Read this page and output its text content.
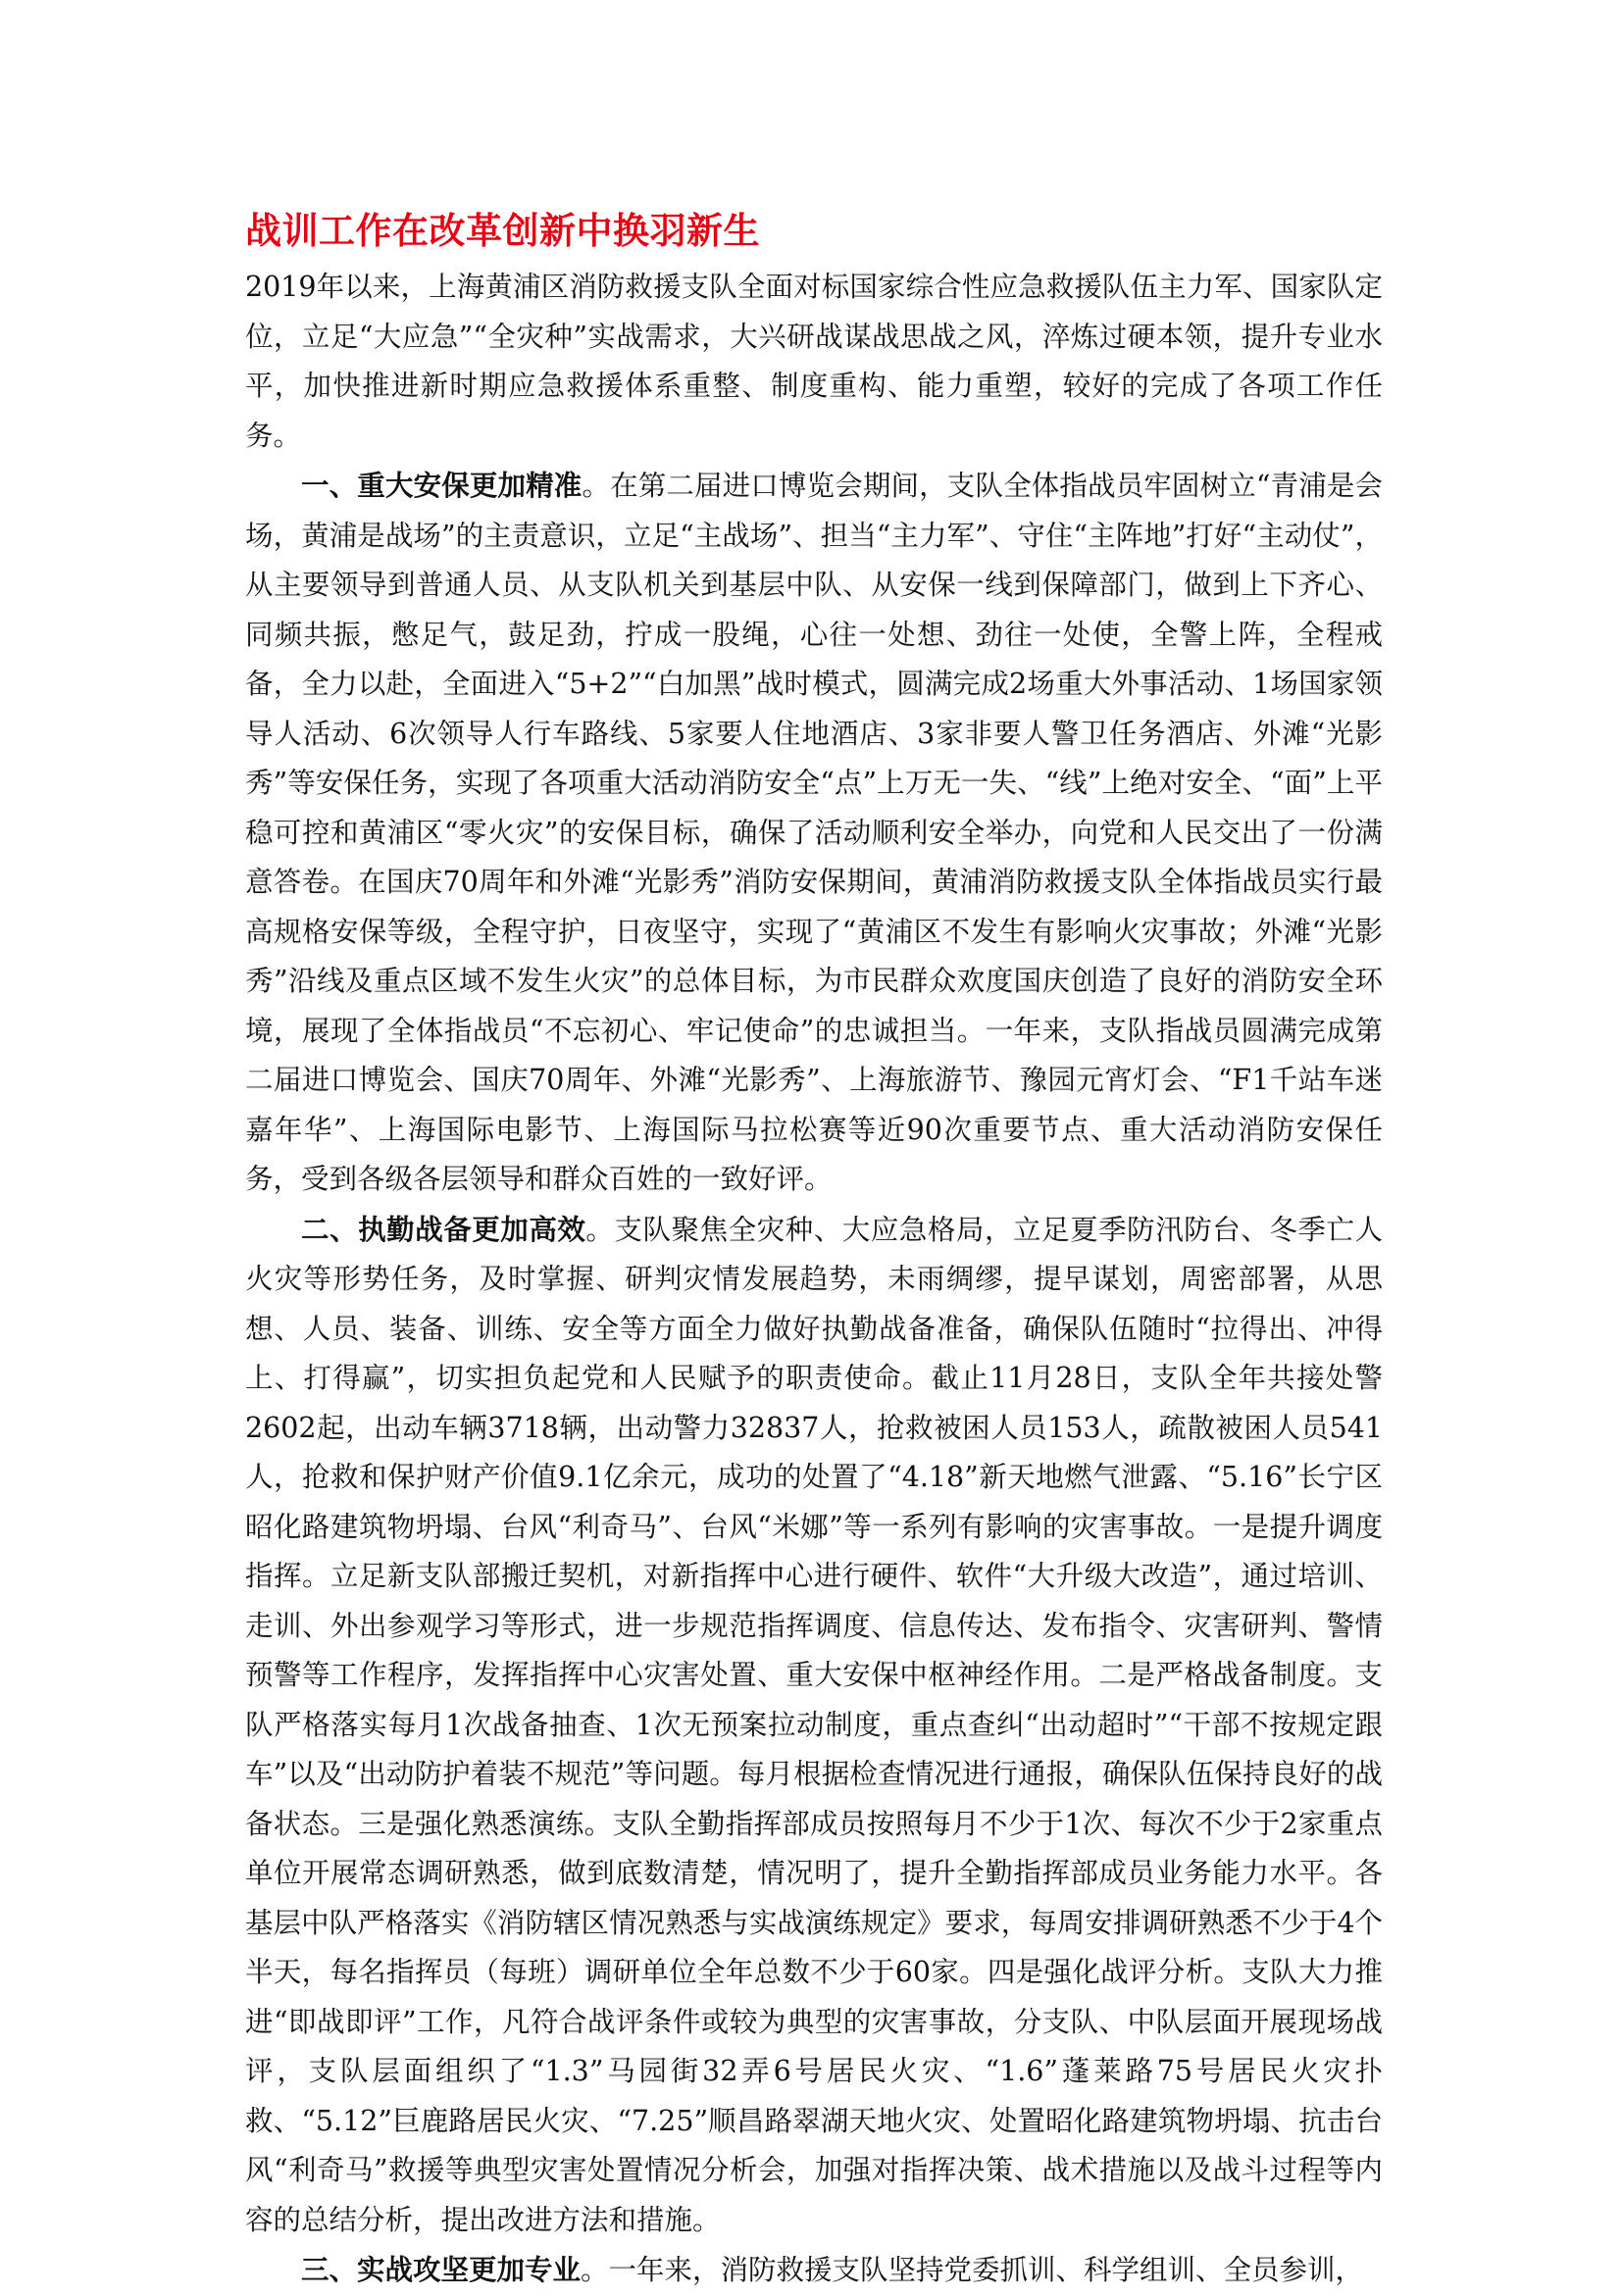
战训工作在改革创新中换羽新生

2019年以来，上海黄浦区消防救援支队全面对标国家综合性应急救援队伍主力军、国家队定位，立足“大应急”“全灾种”实战需求，大兴研战谋战思战之风，淬炼过硬本领，提升专业水平，加快推进新时期应急救援体系重整、制度重构、能力重塑，较好的完成了各项工作任务。

一、重大安保更加精准。在第二届进口博览会期间，支队全体指战员牢固树立“青浦是会场，黄浦是战场”的主责意识，立足“主战场”、担当“主力军”、守住“主阵地”打好“主动仗”，从主要领导到普通人员、从支队机关到基层中队、从安保一线到保障部门，做到上下齐心、同频共振，憋足气，鼓足劲，拧成一股绳，心往一处想、劲往一处使，全警上阵，全程戒备，全力以赴，全面进入“5+2”“白加黑”战时模式，圆满完成2场重大外事活动、1场国家领导人活动、6次领导人行车路线、5家要人住地酒店、3家非要人警卫任务酒店、外滩“光影秀”等安保任务，实现了各项重大活动消防安全“点”上万无一失、“线”上绝对安全、“面”上平稳可控和黄浦区“零火灾”的安保目标，确保了活动顺利安全举办，向党和人民交出了一份满意答卷。在国庆70周年和外滩“光影秀”消防安保期间，黄浦消防救援支队全体指战员实行最高规格安保等级，全程守护，日夜坚守，实现了“黄浦区不发生有影响火灾事故；外滩“光影秀”沿线及重点区域不发生火灾”的总体目标，为市民群众欢度国庆创造了良好的消防安全环境，展现了全体指战员“不忘初心、牢记使命”的忠诚担当。一年来，支队指战员圆满完成第二届进口博览会、国庆70周年、外滩“光影秀”、上海旅游节、豫园元宵灯会、“F1千站车迷嘉年华”、上海国际电影节、上海国际马拉松赛等近90次重要节点、重大活动消防安保任务，受到各级各层领导和群众百姓的一致好评。

二、执勤战备更加高效。支队聚焦全灾种、大应急格局，立足夏季防汛防台、冬季亡人火灾等形势任务，及时掌握、研判灾情发展趋势，未雨绸缪，提早谋划，周密部署，从思想、人员、装备、训练、安全等方面全力做好执勤战备准备，确保队伍随时“拉得出、冲得上、打得赢”，切实担负起党和人民赋予的职责使命。截止11月28日，支队全年共接处警2602起，出动车辆3718辆，出动警力32837人，抢救被困人员153人，疏散被困人员541人，抢救和保护财产价值9.1亿余元，成功的处置了“4.18”新天地燃气泄露、“5.16”长宁区昭化路建筑物坍塌、台风“利奇马”、台风“米娜”等一系列有影响的灾害事故。一是提升调度指挥。立足新支队部搬迁契机，对新指挥中心进行硬件、软件“大升级大改造”，通过培训、走训、外出参观学习等形式，进一步规范指挥调度、信息传达、发布指令、灾害研判、警情预警等工作程序，发挥指挥中心灾害处置、重大安保中枢神经作用。二是严格战备制度。支队严格落实每月1次战备抽查、1次无预案拉动制度，重点查纠“出动超时”“干部不按规定跟车”以及“出动防护着装不规范”等问题。每月根据检查情况进行通报，确保队伍保持良好的战备状态。三是强化熟悉演练。支队全勤指挥部成员按照每月不少于1次、每次不少于2家重点单位开展常态调研熟悉，做到底数清楚，情况明了，提升全勤指挥部成员业务能力水平。各基层中队严格落实《消防辖区情况熟悉与实战演练规定》要求，每周安排调研熟悉不少于4个半天，每名指挥员（每班）调研单位全年总数不少于60家。四是强化战评分析。支队大力推进“即战即评”工作，凡符合战评条件或较为典型的灾害事故，分支队、中队层面开展现场战评，支队层面组织了“1.3”马园街32弄6号居民火灾、“1.6”蓬莱路75号居民火灾扑救、“5.12”巨鹿路居民火灾、“7.25”顺昌路翠湖天地火灾、处置昭化路建筑物坍塌、抗击台风“利奇马”救援等典型灾害处置情况分析会，加强对指挥决策、战术措施以及战斗过程等内容的总结分析，提出改进方法和措施。

三、实战攻坚更加专业。一年来，消防救援支队坚持党委抓训、科学组训、全员参训，
